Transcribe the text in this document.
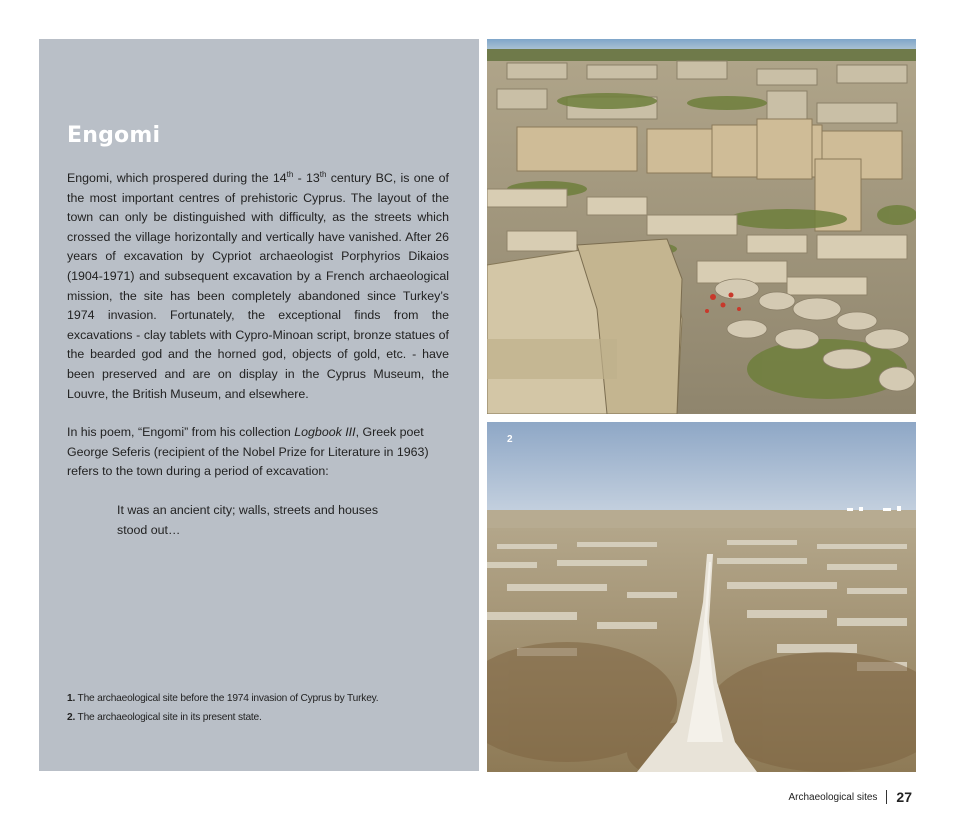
Engomi

Engomi, which prospered during the 14th - 13th century BC, is one of the most important centres of prehistoric Cyprus. The layout of the town can only be distinguished with difficulty, as the streets which crossed the village horizontally and vertically have vanished. After 26 years of excavation by Cypriot archaeologist Porphyrios Dikaios (1904-1971) and subsequent excavation by a French archaeological mission, the site has been completely abandoned since Turkey’s 1974 invasion. Fortunately, the exceptional finds from the excavations - clay tablets with Cypro-Minoan script, bronze statues of the bearded god and the horned god, objects of gold, etc. - have been preserved and are on display in the Cyprus Museum, the Louvre, the British Museum, and elsewhere.

In his poem, “Engomi” from his collection Logbook III, Greek poet George Seferis (recipient of the Nobel Prize for Literature in 1963) refers to the town during a period of excavation:

It was an ancient city; walls, streets and houses
stood out…
1. The archaeological site before the 1974 invasion of Cyprus by Turkey.
2. The archaeological site in its present state.
2
Archaeological sites 27
